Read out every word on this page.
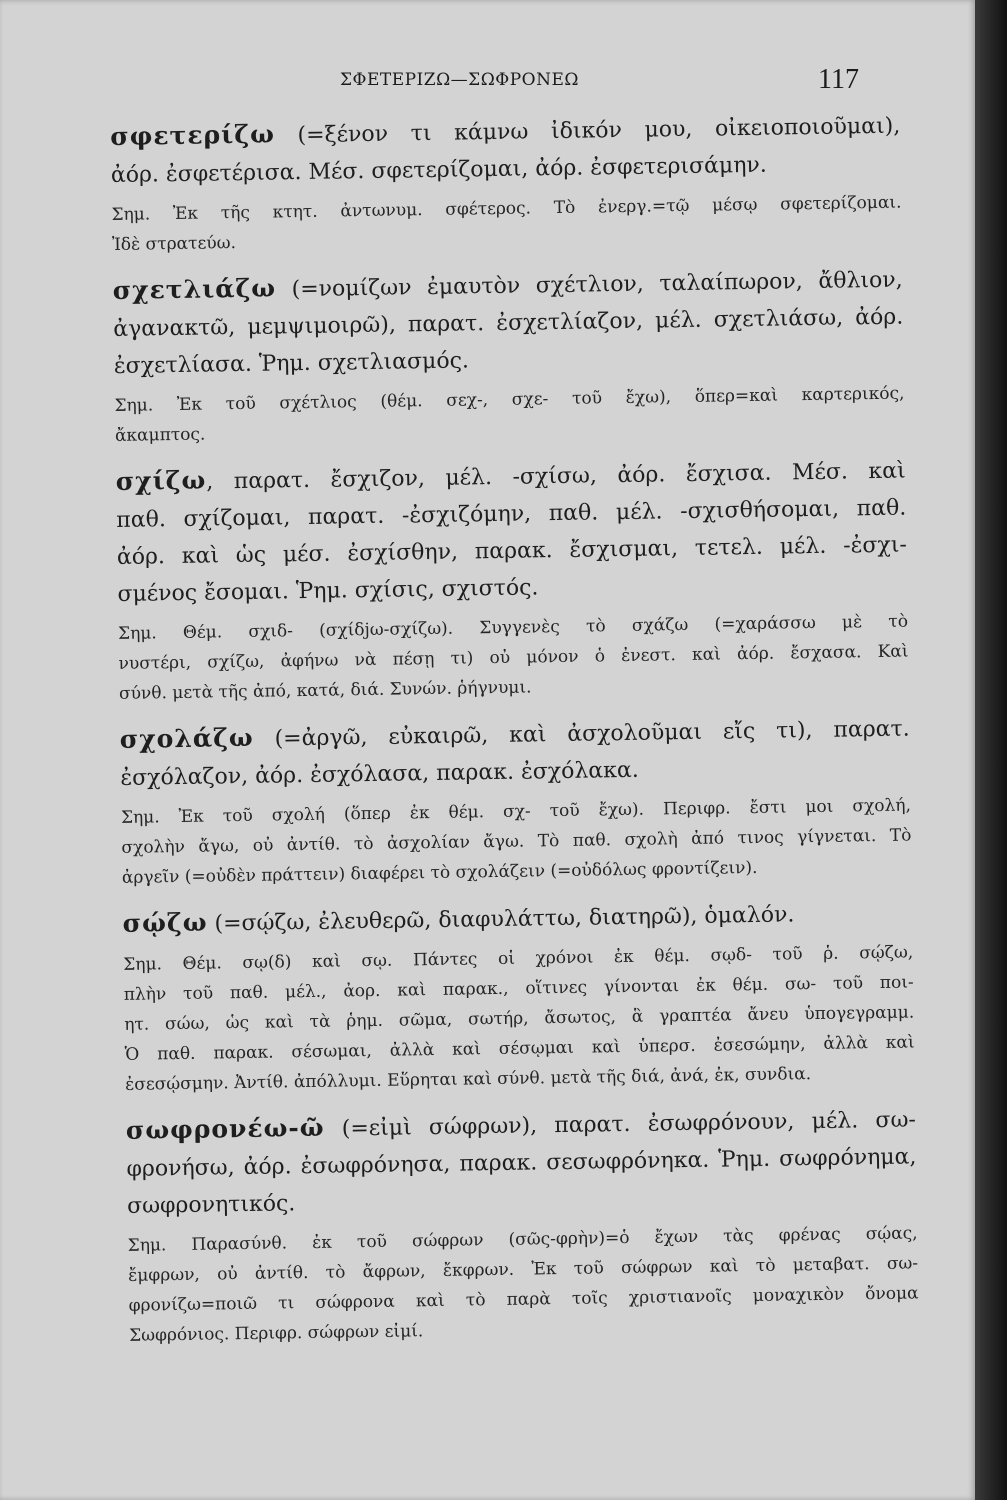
ΣΦΕΤΕΡΙΖΩ—ΣΩΦΡΟΝΕΩ	117
σφετερίζω (=ξένον τι κάμνω ἰδικόν μου, οἰκειοποιοῦμαι),
ἀόρ. ἐσφετέρισα. Μέσ. σφετερίζομαι, ἀόρ. ἐσφετερισάμην.
Σημ. Ἐκ τῆς κτητ. ἀντωνυμ. σφέτερος. Τὸ ἐνεργ.=τῷ μέσῳ σφετερίζομαι.
Ἰδὲ στρατεύω.
σχετλιάζω (=νομίζων ἐμαυτὸν σχέτλιον, ταλαίπωρον, ἄθλιον,
ἀγανακτῶ, μεμψιμοιρῶ), παρατ. ἐσχετλίαζον, μέλ. σχετλιάσω, ἀόρ.
ἐσχετλίασα. Ῥημ. σχετλιασμός.
Σημ. Ἐκ τοῦ σχέτλιος (θέμ. σεχ-, σχε- τοῦ ἔχω), ὅπερ=καὶ καρτερικός,
ἄκαμπτος.
σχίζω, παρατ. ἔσχιζον, μέλ. -σχίσω, ἀόρ. ἔσχισα. Μέσ. καὶ
παθ. σχίζομαι, παρατ. -ἐσχιζόμην, παθ. μέλ. -σχισθήσομαι, παθ.
ἀόρ. καὶ ὡς μέσ. ἐσχίσθην, παρακ. ἔσχισμαι, τετελ. μέλ. -ἐσχι-
σμένος ἔσομαι. Ῥημ. σχίσις, σχιστός.
Σημ. Θέμ. σχιδ- (σχίδjω-σχίζω). Συγγενὲς τὸ σχάζω (=χαράσσω μὲ τὸ
νυστέρι, σχίζω, ἀφήνω νὰ πέσῃ τι) οὐ μόνον ὁ ἐνεστ. καὶ ἀόρ. ἔσχασα. Καὶ
σύνθ. μετὰ τῆς ἀπό, κατά, διά. Συνών. ῥήγνυμι.
σχολάζω (=ἀργῶ, εὐκαιρῶ, καὶ ἀσχολοῦμαι εἴς τι), παρατ.
ἐσχόλαζον, ἀόρ. ἐσχόλασα, παρακ. ἐσχόλακα.
Σημ. Ἐκ τοῦ σχολή (ὅπερ ἐκ θέμ. σχ- τοῦ ἔχω). Περιφρ. ἔστι μοι σχολή,
σχολὴν ἄγω, οὐ ἀντίθ. τὸ ἀσχολίαν ἄγω. Τὸ παθ. σχολὴ ἀπό τινος γίγνεται. Τὸ
ἀργεῖν (=οὐδὲν πράττειν) διαφέρει τὸ σχολάζειν (=οὐδόλως φροντίζειν).
σῴζω (=σῴζω, ἐλευθερῶ, διαφυλάττω, διατηρῶ), ὁμαλόν.
Σημ. Θέμ. σῳ(δ) καὶ σῳ. Πάντες οἱ χρόνοι ἐκ θέμ. σῳδ- τοῦ ῥ. σῴζω,
πλὴν τοῦ παθ. μέλ., ἀορ. καὶ παρακ., οἵτινες γίνονται ἐκ θέμ. σω- τοῦ ποι-
ητ. σώω, ὡς καὶ τὰ ῥημ. σῶμα, σωτήρ, ἄσωτος, ἃ γραπτέα ἄνευ ὑπογεγραμμ.
Ὁ παθ. παρακ. σέσωμαι, ἀλλὰ καὶ σέσῳμαι καὶ ὑπερσ. ἐσεσώμην, ἀλλὰ καὶ
ἐσεσῴσμην. Ἀντίθ. ἀπόλλυμι. Εὕρηται καὶ σύνθ. μετὰ τῆς διά, ἀνά, ἐκ, συνδια.
σωφρονέω-ῶ (=εἰμὶ σώφρων), παρατ. ἐσωφρόνουν, μέλ. σω-
φρονήσω, ἀόρ. ἐσωφρόνησα, παρακ. σεσωφρόνηκα. Ῥημ. σωφρόνημα,
σωφρονητικός.
Σημ. Παρασύνθ. ἐκ τοῦ σώφρων (σῶς-φρὴν)=ὁ ἔχων τὰς φρένας σῴας,
ἔμφρων, οὐ ἀντίθ. τὸ ἄφρων, ἔκφρων. Ἐκ τοῦ σώφρων καὶ τὸ μεταβατ. σω-
φρονίζω=ποιῶ τι σώφρονα καὶ τὸ παρὰ τοῖς χριστιανοῖς μοναχικὸν ὄνομα
Σωφρόνιος. Περιφρ. σώφρων εἰμί.
